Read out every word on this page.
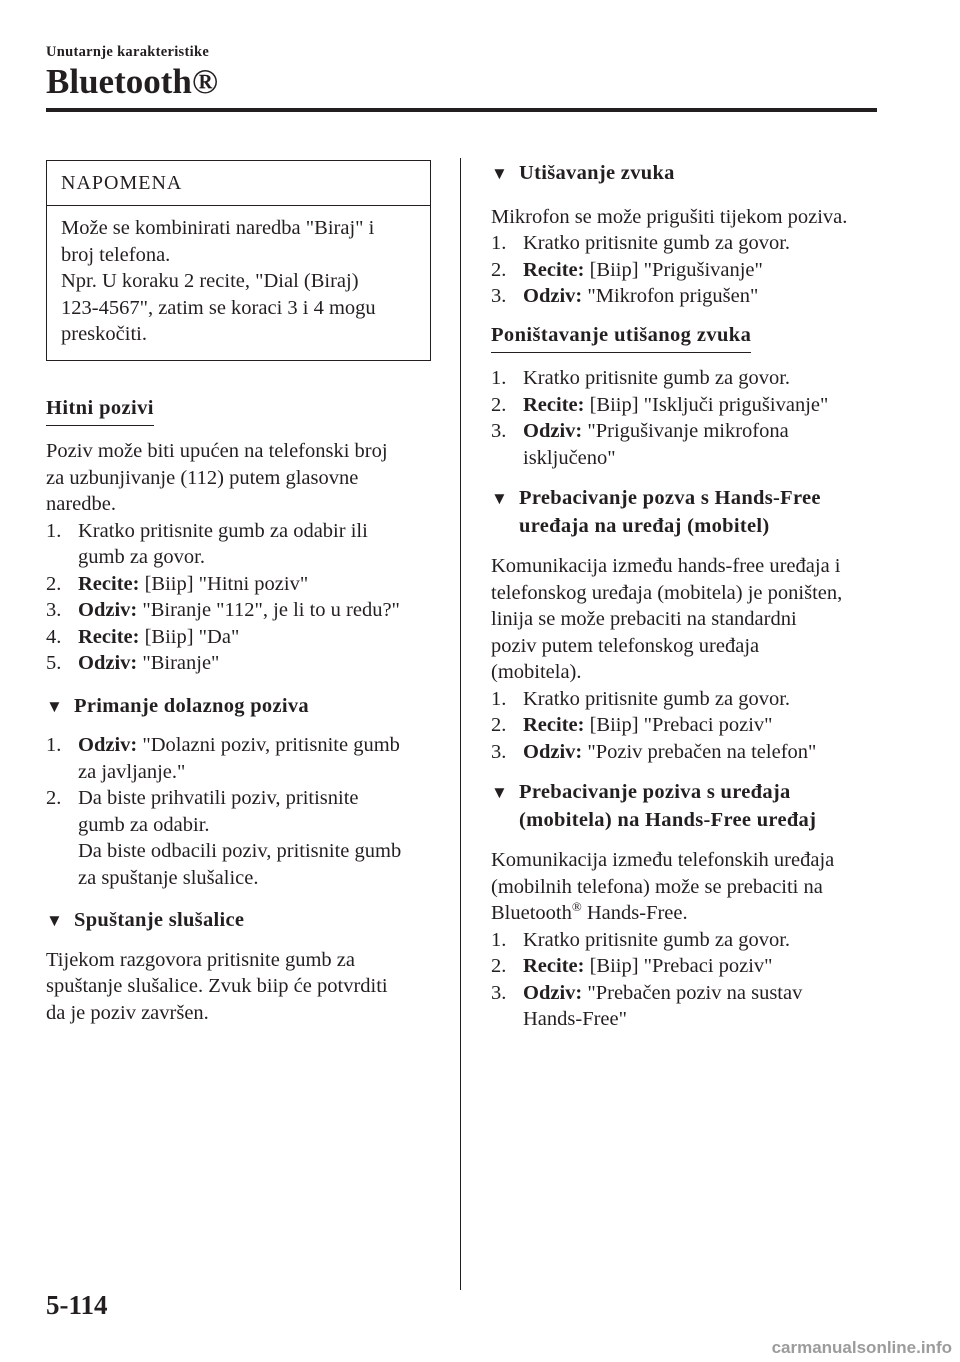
Unutarnje karakteristike
Bluetooth®
NAPOMENA

Može se kombinirati naredba "Biraj" i

broj telefona.

Npr. U koraku 2 recite, "Dial (Biraj)

123-4567", zatim se koraci 3 i 4 mogu

preskočiti.

Hitni pozivi

Poziv može biti upućen na telefonski broj

za uzbunjivanje (112) putem glasovne

naredbe.

1. Kratko pritisnite gumb za odabir ili
gumb za govor.
2. Recite: [Biip] "Hitni poziv"
3. Odziv: "Biranje "112", je li to u redu?"
4. Recite: [Biip] "Da"
5. Odziv: "Biranje"

▼ Primanje dolaznog poziva

1. Odziv: "Dolazni poziv, pritisnite gumb
za javljanje."
2. Da biste prihvatili poziv, pritisnite
gumb za odabir.
Da biste odbacili poziv, pritisnite gumb
za spuštanje slušalice.

▼ Spuštanje slušalice

Tijekom razgovora pritisnite gumb za

spuštanje slušalice. Zvuk biip će potvrditi

da je poziv završen.

▼ Utišavanje zvuka

Mikrofon se može prigušiti tijekom poziva.

1. Kratko pritisnite gumb za govor.
2. Recite: [Biip] "Prigušivanje"
3. Odziv: "Mikrofon prigušen"
Poništavanje utišanog zvuka
1. Kratko pritisnite gumb za govor.
2. Recite: [Biip] "Isključi prigušivanje"
3. Odziv: "Prigušivanje mikrofona
isključeno"

▼ Prebacivanje pozva s Hands-Free
uređaja na uređaj (mobitel)

Komunikacija između hands-free uređaja i

telefonskog uređaja (mobitela) je poništen,

linija se može prebaciti na standardni

poziv putem telefonskog uređaja

(mobitela).

1. Kratko pritisnite gumb za govor.
2. Recite: [Biip] "Prebaci poziv"
3. Odziv: "Poziv prebačen na telefon"

▼ Prebacivanje poziva s uređaja
(mobitela) na Hands-Free uređaj

Komunikacija između telefonskih uređaja

(mobilnih telefona) može se prebaciti na

Bluetooth® Hands-Free.

1. Kratko pritisnite gumb za govor.
2. Recite: [Biip] "Prebaci poziv"
3. Odziv: "Prebačen poziv na sustav
Hands-Free"
5-114
carmanualsonline.info
